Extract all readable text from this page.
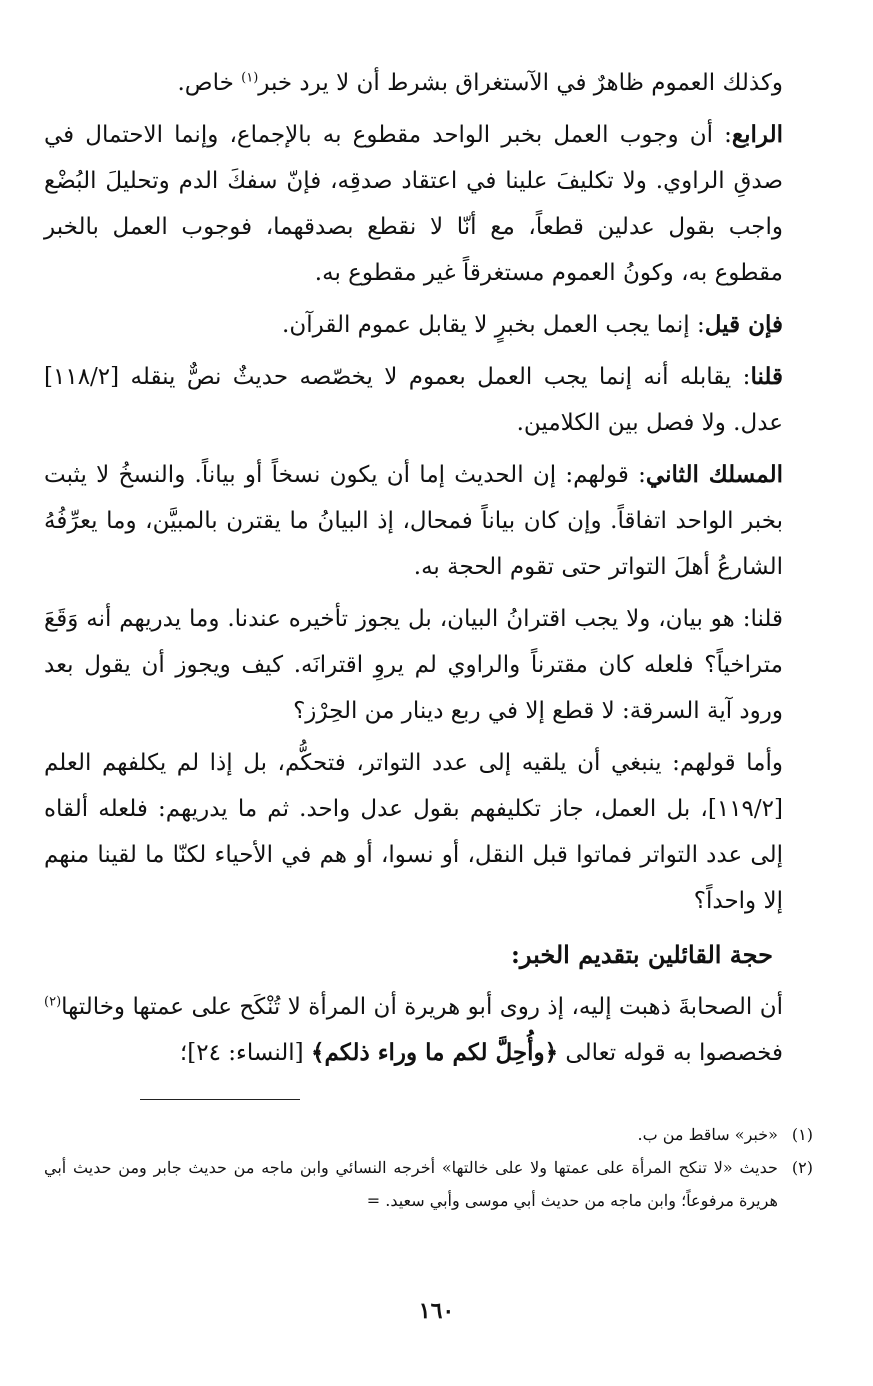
وكذلك العموم ظاهرٌ في الآستغراق بشرط أن لا يرد خبر$^{(١)}$ خاص.

الرابع: أن وجوب العمل بخبر الواحد مقطوع به بالإجماع، وإنما الاحتمال في صدقِ الراوي. ولا تكليفَ علينا في اعتقاد صدقِه، فإنّ سفكَ الدم وتحليلَ البُضْع واجب بقول عدلين قطعاً، مع أنّا لا نقطع بصدقهما، فوجوب العمل بالخبر مقطوع به، وكونُ العموم مستغرقاً غير مقطوع به.

فإن قيل: إنما يجب العمل بخبرٍ لا يقابل عموم القرآن.

قلنا: يقابله أنه إنما يجب العمل بعموم لا يخصّصه حديثٌ نصٌّ ينقله [١١٨/٢] عدل. ولا فصل بين الكلامين.

المسلك الثاني: قولهم: إن الحديث إما أن يكون نسخاً أو بياناً. والنسخُ لا يثبت بخبر الواحد اتفاقاً. وإن كان بياناً فمحال، إذ البيانُ ما يقترن بالمبيَّن، وما يعرِّفُهُ الشارعُ أهلَ التواتر حتى تقوم الحجة به.

قلنا: هو بيان، ولا يجب اقترانُ البيان، بل يجوز تأخيره عندنا. وما يدريهم أنه وَقَعَ متراخياً؟ فلعله كان مقترناً والراوي لم يروِ اقترانَه. كيف ويجوز أن يقول بعد ورود آية السرقة: لا قطع إلا في ربع دينار من الحِرْز؟

وأما قولهم: ينبغي أن يلقيه إلى عدد التواتر، فتحكُّم، بل إذا لم يكلفهم العلم [١١٩/٢]، بل العمل، جاز تكليفهم بقول عدل واحد. ثم ما يدريهم: فلعله ألقاه إلى عدد التواتر فماتوا قبل النقل، أو نسوا، أو هم في الأحياء لكنّا ما لقينا منهم إلا واحداً؟

حجة القائلين بتقديم الخبر:

أن الصحابةَ ذهبت إليه، إذ روى أبو هريرة أن المرأة لا تُنْكَح على عمتها وخالتها$^{(٢)}$ فخصصوا به قوله تعالى ﴿وأُحِلَّ لكم ما وراء ذلكم﴾ [النساء: ٢٤]؛

(١)
«خبر» ساقط من ب.
(٢)
حديث «لا تنكح المرأة على عمتها ولا على خالتها» أخرجه النسائي وابن ماجه من حديث جابر ومن حديث أبي هريرة مرفوعاً؛ وابن ماجه من حديث أبي موسى وأبي سعيد. =
١٦٠
